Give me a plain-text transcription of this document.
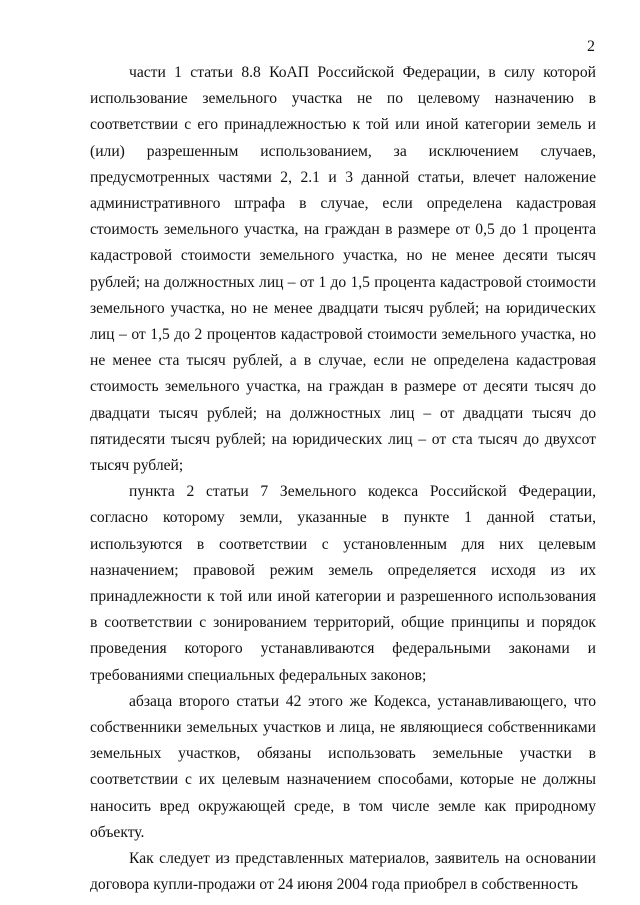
2

части 1 статьи 8.8 КоАП Российской Федерации, в силу которой использование земельного участка не по целевому назначению в соответствии с его принадлежностью к той или иной категории земель и (или) разрешенным использованием, за исключением случаев, предусмотренных частями 2, 2.1 и 3 данной статьи, влечет наложение административного штрафа в случае, если определена кадастровая стоимость земельного участка, на граждан в размере от 0,5 до 1 процента кадастровой стоимости земельного участка, но не менее десяти тысяч рублей; на должностных лиц – от 1 до 1,5 процента кадастровой стоимости земельного участка, но не менее двадцати тысяч рублей; на юридических лиц – от 1,5 до 2 процентов кадастровой стоимости земельного участка, но не менее ста тысяч рублей, а в случае, если не определена кадастровая стоимость земельного участка, на граждан в размере от десяти тысяч до двадцати тысяч рублей; на должностных лиц – от двадцати тысяч до пятидесяти тысяч рублей; на юридических лиц – от ста тысяч до двухсот тысяч рублей;

пункта 2 статьи 7 Земельного кодекса Российской Федерации, согласно которому земли, указанные в пункте 1 данной статьи, используются в соответствии с установленным для них целевым назначением; правовой режим земель определяется исходя из их принадлежности к той или иной категории и разрешенного использования в соответствии с зонированием территорий, общие принципы и порядок проведения которого устанавливаются федеральными законами и требованиями специальных федеральных законов;

абзаца второго статьи 42 этого же Кодекса, устанавливающего, что собственники земельных участков и лица, не являющиеся собственниками земельных участков, обязаны использовать земельные участки в соответствии с их целевым назначением способами, которые не должны наносить вред окружающей среде, в том числе земле как природному объекту.

Как следует из представленных материалов, заявитель на основании договора купли-продажи от 24 июня 2004 года приобрел в собственность
